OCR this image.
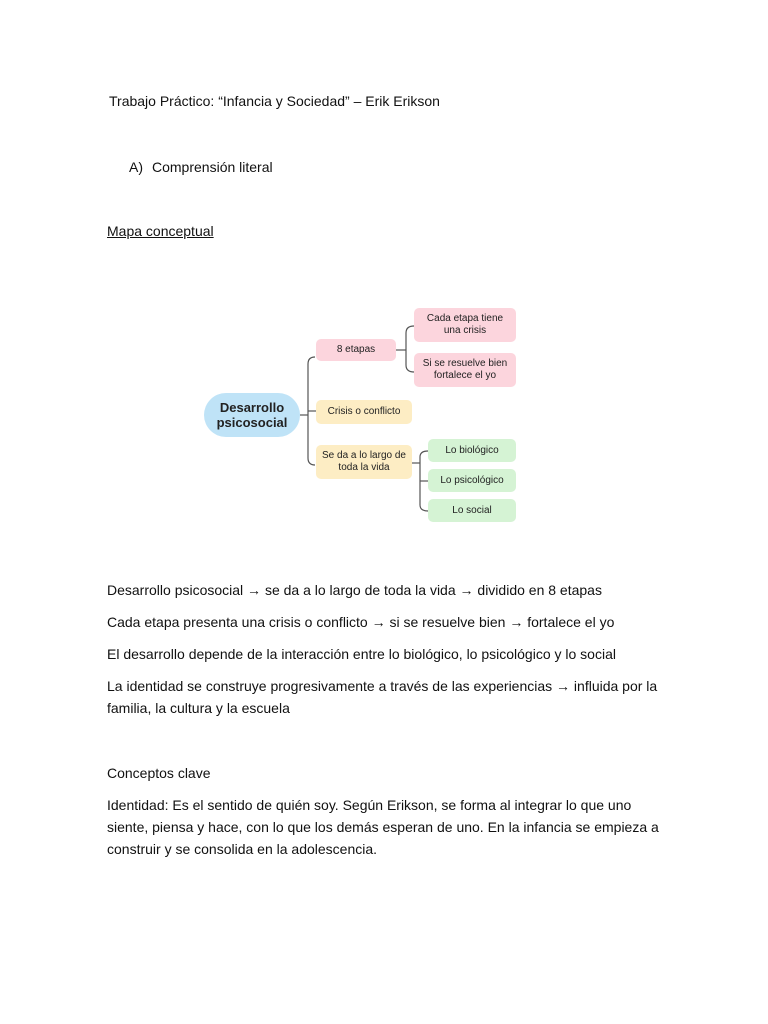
Trabajo Práctico: “Infancia y Sociedad” – Erik Erikson
A) Comprensión literal
Mapa conceptual
Desarrollo psicosocial
8 etapas
Crisis o conflicto
Se da a lo largo de toda la vida
Cada etapa tiene una crisis
Si se resuelve bien fortalece el yo
Lo biológico
Lo psicológico
Lo social
Desarrollo psicosocial → se da a lo largo de toda la vida → dividido en 8 etapas
Cada etapa presenta una crisis o conflicto → si se resuelve bien → fortalece el yo
El desarrollo depende de la interacción entre lo biológico, lo psicológico y lo social
La identidad se construye progresivamente a través de las experiencias → influida por la familia, la cultura y la escuela
Conceptos clave
Identidad: Es el sentido de quién soy. Según Erikson, se forma al integrar lo que uno siente, piensa y hace, con lo que los demás esperan de uno. En la infancia se empieza a construir y se consolida en la adolescencia.
